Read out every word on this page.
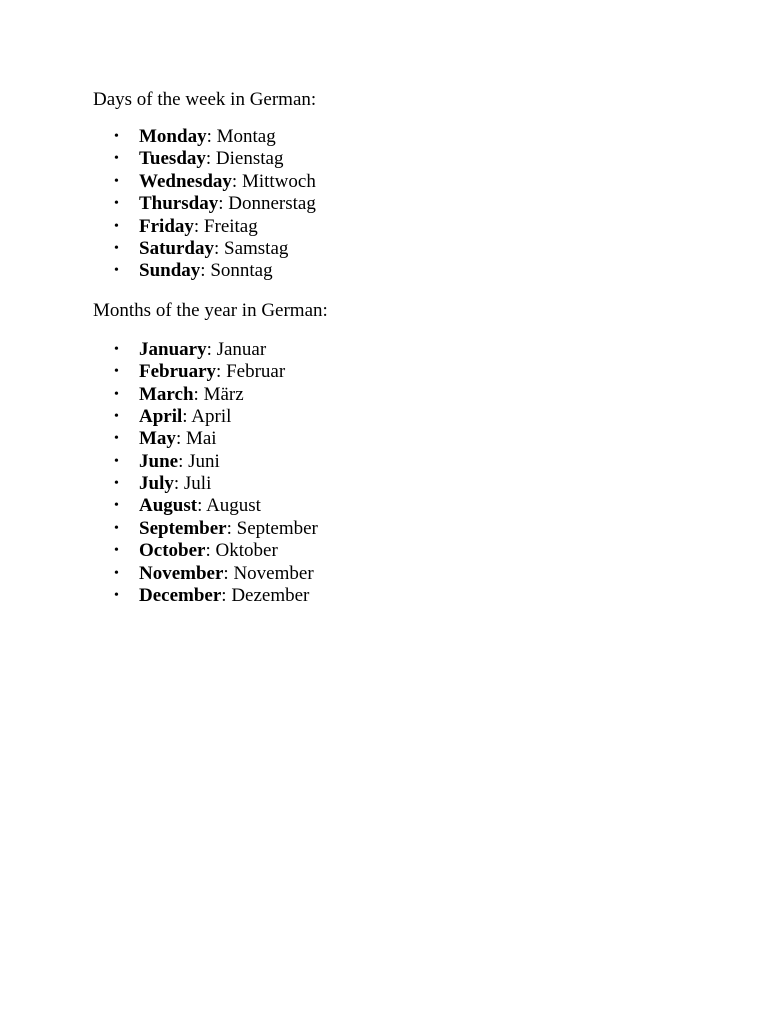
Days of the week in German:

• Monday: Montag
• Tuesday: Dienstag
• Wednesday: Mittwoch
• Thursday: Donnerstag
• Friday: Freitag
• Saturday: Samstag
• Sunday: Sonntag

Months of the year in German:

• January: Januar
• February: Februar
• March: März
• April: April
• May: Mai
• June: Juni
• July: Juli
• August: August
• September: September
• October: Oktober
• November: November
• December: Dezember
